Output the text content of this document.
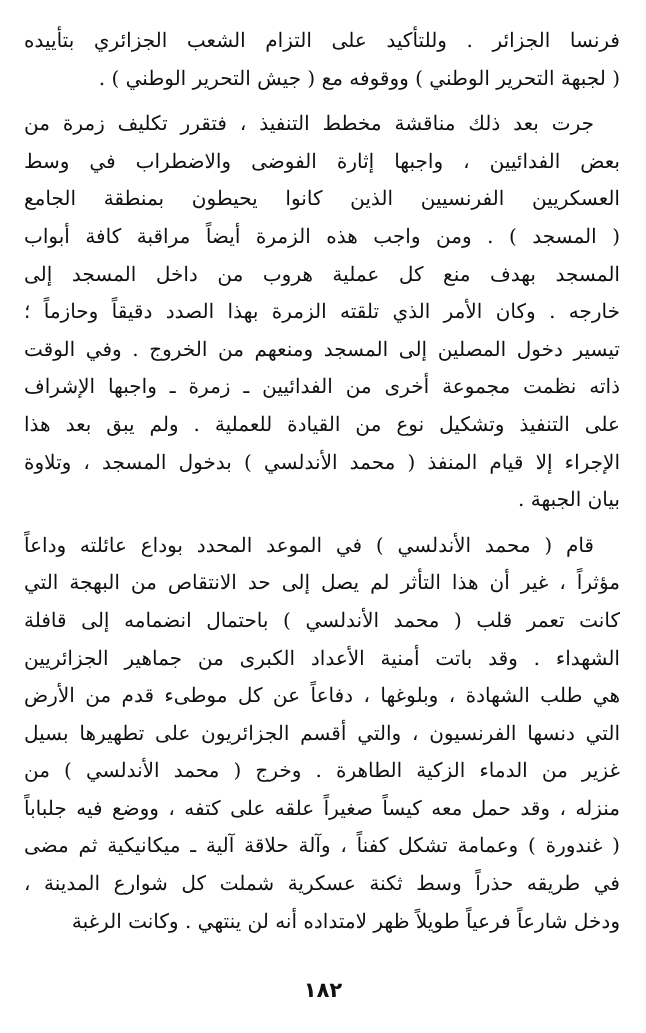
فرنسا الجزائر . وللتأكيد على التزام الشعب الجزائري بتأييده
( لجبهة التحرير الوطني ) ووقوفه مع ( جيش التحرير الوطني ) .
جرت بعد ذلك مناقشة مخطط التنفيذ ، فتقرر تكليف زمرة من
بعض الفدائيين ، واجبها إثارة الفوضى والاضطراب في وسط
العسكريين الفرنسيين الذين كانوا يحيطون بمنطقة الجامع
( المسجد ) . ومن واجب هذه الزمرة أيضاً مراقبة كافة أبواب
المسجد بهدف منع كل عملية هروب من داخل المسجد إلى
خارجه . وكان الأمر الذي تلقته الزمرة بهذا الصدد دقيقاً وحازماً ؛
تيسير دخول المصلين إلى المسجد ومنعهم من الخروج . وفي الوقت
ذاته نظمت مجموعة أخرى من الفدائيين ـ زمرة ـ واجبها الإشراف
على التنفيذ وتشكيل نوع من القيادة للعملية . ولم يبق بعد هذا
الإجراء إلا قيام المنفذ ( محمد الأندلسي ) بدخول المسجد ، وتلاوة
بيان الجبهة .
قام ( محمد الأندلسي ) في الموعد المحدد بوداع عائلته وداعاً
مؤثراً ، غير أن هذا التأثر لم يصل إلى حد الانتقاص من البهجة التي
كانت تعمر قلب ( محمد الأندلسي ) باحتمال انضمامه إلى قافلة
الشهداء . وقد باتت أمنية الأعداد الكبرى من جماهير الجزائريين
هي طلب الشهادة ، وبلوغها ، دفاعاً عن كل موطىء قدم من الأرض
التي دنسها الفرنسيون ، والتي أقسم الجزائريون على تطهيرها بسيل
غزير من الدماء الزكية الطاهرة . وخرج ( محمد الأندلسي ) من
منزله ، وقد حمل معه كيساً صغيراً علقه على كتفه ، ووضع فيه جلباباً
( غندورة ) وعمامة تشكل كفناً ، وآلة حلاقة آلية ـ ميكانيكية ثم مضى
في طريقه حذراً وسط ثكنة عسكرية شملت كل شوارع المدينة ،
ودخل شارعاً فرعياً طويلاً ظهر لامتداده أنه لن ينتهي . وكانت الرغبة
١٨٢
